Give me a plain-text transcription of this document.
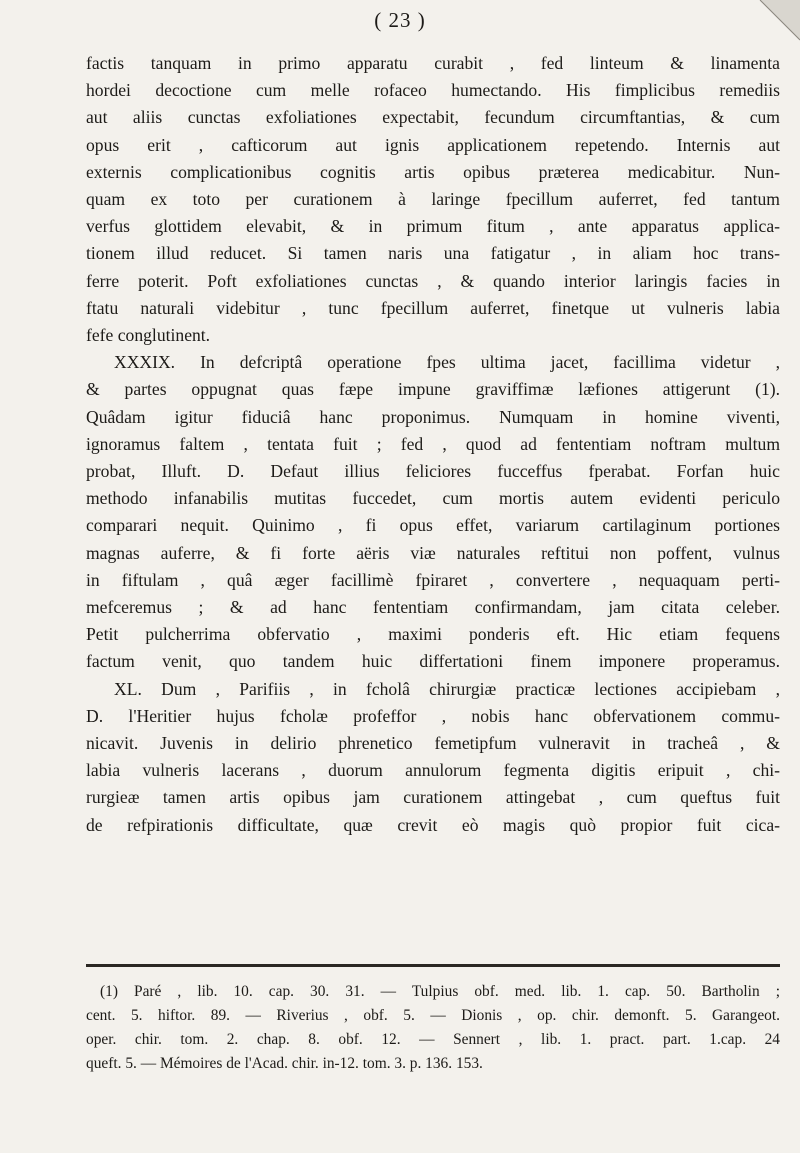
( 23 )
factis tanquam in primo apparatu curabit , fed linteum & linamenta
hordei decoctione cum melle rofaceo humectando. His fimplicibus remediis
aut aliis cunctas exfoliationes expectabit, fecundum circumftantias, & cum
opus erit , cafticorum aut ignis applicationem repetendo. Internis aut
externis complicationibus cognitis artis opibus præterea medicabitur. Nun-
quam ex toto per curationem à laringe fpecillum auferret, fed tantum
verfus glottidem elevabit, & in primum fitum , ante apparatus applica-
tionem illud reducet. Si tamen naris una fatigatur , in aliam hoc trans-
ferre poterit. Poft exfoliationes cunctas , & quando interior laringis facies in
ftatu naturali videbitur , tunc fpecillum auferret, finetque ut vulneris labia
fefe conglutinent.
XXXIX. In defcriptâ operatione fpes ultima jacet, facillima videtur ,
& partes oppugnat quas fæpe impune graviffimæ læfiones attigerunt (1).
Quâdam igitur fiduciâ hanc proponimus. Numquam in homine viventi,
ignoramus faltem , tentata fuit ; fed , quod ad fententiam noftram multum
probat, Illuft. D. Defaut illius feliciores fucceffus fperabat. Forfan huic
methodo infanabilis mutitas fuccedet, cum mortis autem evidenti periculo
comparari nequit. Quinimo , fi opus effet, variarum cartilaginum portiones
magnas auferre, & fi forte aëris viæ naturales reftitui non poffent, vulnus
in fiftulam , quâ æger facillimè fpiraret , convertere , nequaquam perti-
mefceremus ; & ad hanc fententiam confirmandam, jam citata celeber.
Petit pulcherrima obfervatio , maximi ponderis eft. Hic etiam fequens
factum venit, quo tandem huic differtationi finem imponere properamus.
XL. Dum , Parifiis , in fcholâ chirurgiæ practicæ lectiones accipiebam ,
D. l'Heritier hujus fcholæ profeffor , nobis hanc obfervationem commu-
nicavit. Juvenis in delirio phrenetico femetipfum vulneravit in tracheâ , &
labia vulneris lacerans , duorum annulorum fegmenta digitis eripuit , chi-
rurgieæ tamen artis opibus jam curationem attingebat , cum queftus fuit
de refpirationis difficultate, quæ crevit eò magis quò propior fuit cica-
(1) Paré , lib. 10. cap. 30. 31. — Tulpius obf. med. lib. 1. cap. 50. Bartholin ;
cent. 5. hiftor. 89. — Riverius , obf. 5. — Dionis , op. chir. demonft. 5. Garangeot.
oper. chir. tom. 2. chap. 8. obf. 12. — Sennert , lib. 1. pract. part. 1.cap. 24
queft. 5. — Mémoires de l'Acad. chir. in-12. tom. 3. p. 136. 153.
